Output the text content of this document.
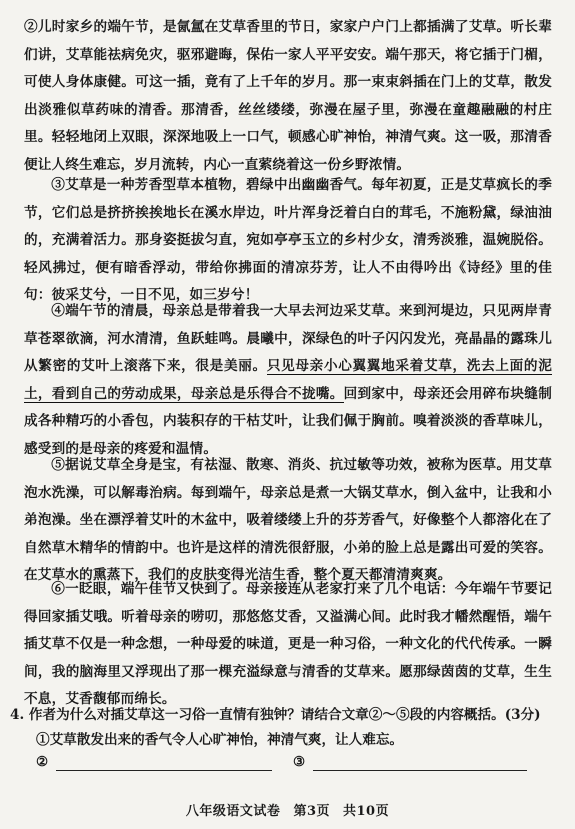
②儿时家乡的端午节，是氤氲在艾草香里的节日，家家户户门上都插满了艾草。听长辈们讲，艾草能祛病免灾，驱邪避晦，保佑一家人平平安安。端午那天，将它插于门楣，可使人身体康健。可这一插，竟有了上千年的岁月。那一束束斜插在门上的艾草，散发出淡雅似草药味的清香。那清香，丝丝缕缕，弥漫在屋子里，弥漫在童趣融融的村庄里。轻轻地闭上双眼，深深地吸上一口气，顿感心旷神怡，神清气爽。这一吸，那清香便让人终生难忘，岁月流转，内心一直萦绕着这一份乡野浓情。
③艾草是一种芳香型草本植物，碧绿中出幽幽香气。每年初夏，正是艾草疯长的季节，它们总是挤挤挨挨地长在溪水岸边，叶片浑身泛着白白的茸毛，不施粉黛，绿油油的，充满着活力。那身姿挺拔匀直，宛如亭亭玉立的乡村少女，清秀淡雅，温婉脱俗。轻风拂过，便有暗香浮动，带给你拂面的清凉芬芳，让人不由得吟出《诗经》里的佳句：彼采艾兮，一日不见，如三岁兮！
④端午节的清晨，母亲总是带着我一大早去河边采艾草。来到河堤边，只见两岸青草苍翠欲滴，河水清清，鱼跃蛙鸣。晨曦中，深绿色的叶子闪闪发光，亮晶晶的露珠儿从繁密的艾叶上滚落下来，很是美丽。只见母亲小心翼翼地采着艾草，洗去上面的泥土，看到自己的劳动成果，母亲总是乐得合不拢嘴。回到家中，母亲还会用碎布块缝制成各种精巧的小香包，内装积存的干枯艾叶，让我们佩于胸前。嗅着淡淡的香草味儿，感受到的是母亲的疼爱和温情。
⑤据说艾草全身是宝，有祛湿、散寒、消炎、抗过敏等功效，被称为医草。用艾草泡水洗澡，可以解毒治病。每到端午，母亲总是煮一大锅艾草水，倒入盆中，让我和小弟泡澡。坐在漂浮着艾叶的木盆中，吸着缕缕上升的芬芳香气，好像整个人都溶化在了自然草木精华的情韵中。也许是这样的清洗很舒服，小弟的脸上总是露出可爱的笑容。在艾草水的熏蒸下，我们的皮肤变得光洁生香，整个夏天都清清爽爽。
⑥一眨眼，端午佳节又快到了。母亲接连从老家打来了几个电话：今年端午节要记得回家插艾哦。听着母亲的唠叨，那悠悠艾香，又溢满心间。此时我才幡然醒悟，端午插艾草不仅是一种念想，一种母爱的味道，更是一种习俗，一种文化的代代传承。一瞬间，我的脑海里又浮现出了那一棵充溢绿意与清香的艾草来。愿那绿茵茵的艾草，生生不息，艾香馥郁而绵长。
4. 作者为什么对插艾草这一习俗一直情有独钟？请结合文章②～⑤段的内容概括。(3分)
①艾草散发出来的香气令人心旷神怡，神清气爽，让人难忘。
②	③
八年级语文试卷 第3页 共10页
